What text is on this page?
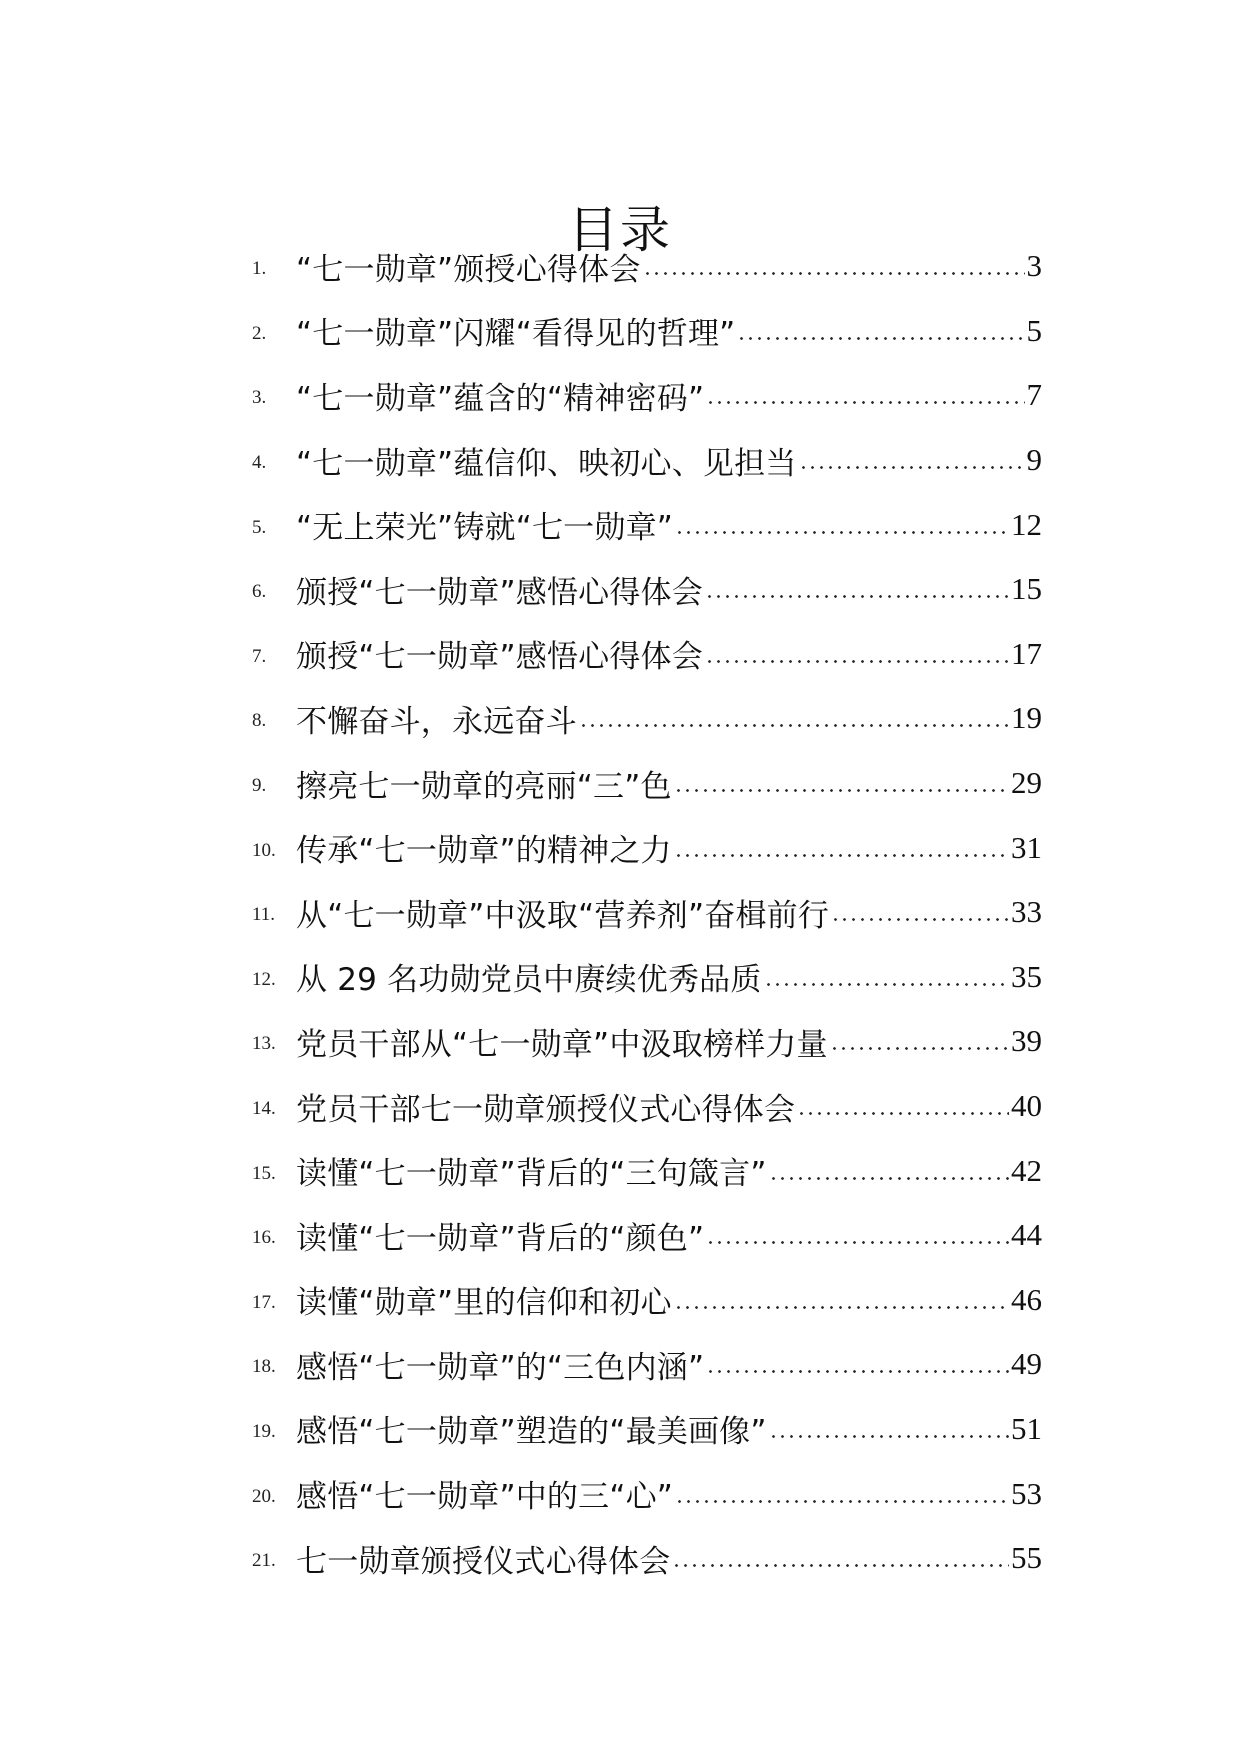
目录
1. “七一勋章”颁授心得体会	3
2. “七一勋章”闪耀“看得见的哲理”	5
3. “七一勋章”蕴含的“精神密码”	7
4. “七一勋章”蕴信仰、映初心、见担当	9
5. “无上荣光”铸就“七一勋章”	12
6. 颁授“七一勋章”感悟心得体会	15
7. 颁授“七一勋章”感悟心得体会	17
8. 不懈奋斗，永远奋斗	19
9. 擦亮七一勋章的亮丽“三”色	29
10. 传承“七一勋章”的精神之力	31
11. 从“七一勋章”中汲取“营养剂”奋楫前行	33
12. 从 29 名功勋党员中赓续优秀品质	35
13. 党员干部从“七一勋章”中汲取榜样力量	39
14. 党员干部七一勋章颁授仪式心得体会	40
15. 读懂“七一勋章”背后的“三句箴言”	42
16. 读懂“七一勋章”背后的“颜色”	44
17. 读懂“勋章”里的信仰和初心	46
18. 感悟“七一勋章”的“三色内涵”	49
19. 感悟“七一勋章”塑造的“最美画像”	51
20. 感悟“七一勋章”中的三“心”	53
21. 七一勋章颁授仪式心得体会	55
